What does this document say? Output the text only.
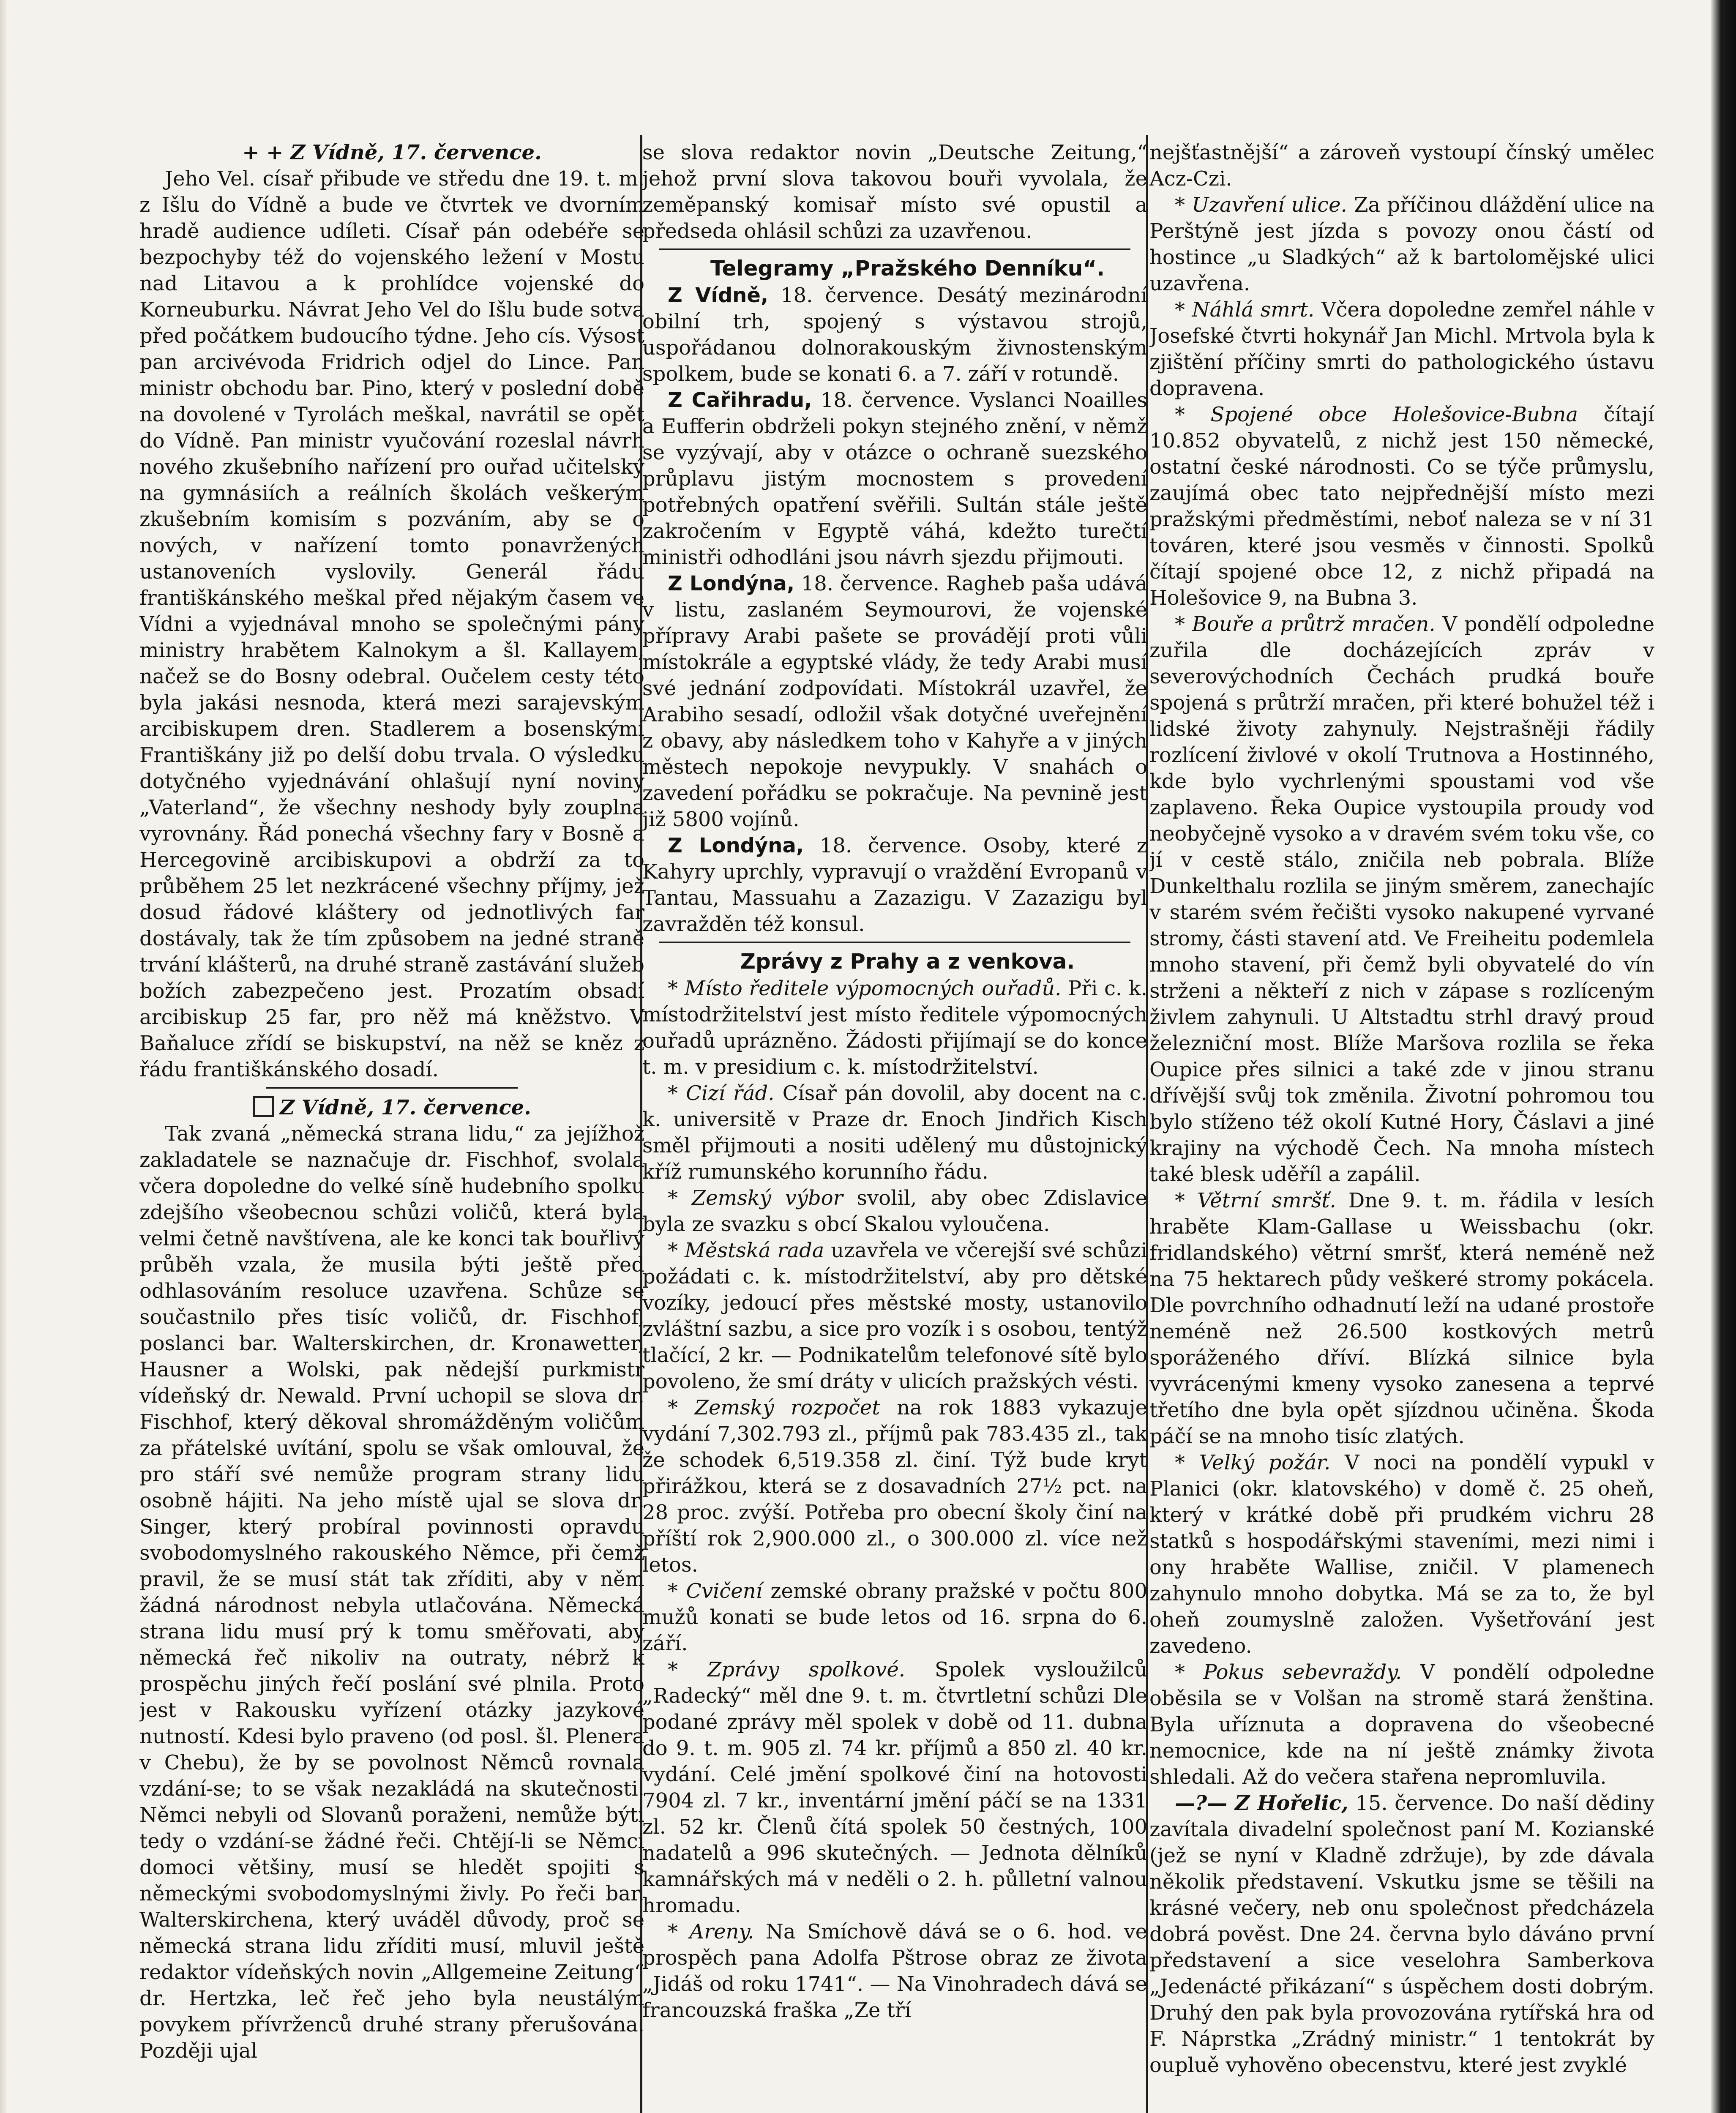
+ + Z Vídně, 17. července.

Jeho Vel. císař přibude ve středu dne 19. t. m. z Išlu do Vídně a bude ve čtvrtek ve dvorním hradě audience udíleti. Císař pán odebéře se bezpochyby též do vojenského ležení v Mostu nad Litavou a k prohlídce vojenské do Korneuburku. Návrat Jeho Vel do Išlu bude sotva před počátkem budoucího týdne. Jeho cís. Výsost pan arcivévoda Fridrich odjel do Lince. Pan ministr obchodu bar. Pino, který v poslední době na dovolené v Tyrolách meškal, navrátil se opět do Vídně. Pan ministr vyučování rozeslal návrh nového zkušebního nařízení pro ouřad učitelský na gymnásiích a reálních školách veškerým zkušebním komisím s pozváním, aby se o nových, v nařízení tomto ponavržených ustanoveních vyslovily. Generál řádu františkánského meškal před nějakým časem ve Vídni a vyjednával mnoho se společnými pány ministry hrabětem Kalnokym a šl. Kallayem, načež se do Bosny odebral. Oučelem cesty této byla jakási nesnoda, která mezi sarajevským arcibiskupem dren. Stadlerem a bosenskými Františkány již po delší dobu trvala. O výsledku dotyčného vyjednávání ohlašují nyní noviny „Vaterland“, že všechny neshody byly zouplna vyrovnány. Řád ponechá všechny fary v Bosně a Hercegovině arcibiskupovi a obdrží za to průběhem 25 let nezkrácené všechny příjmy, jež dosud řádové kláštery od jednotlivých far dostávaly, tak že tím způsobem na jedné straně trvání klášterů, na druhé straně zastávání služeb božích zabezpečeno jest. Prozatím obsadí arcibiskup 25 far, pro něž má kněžstvo. V Baňaluce zřídí se biskupství, na něž se kněz z řádu františkánského dosadí.

Z Vídně, 17. července.

Tak zvaná „německá strana lidu,“ za jejížhož zakladatele se naznačuje dr. Fischhof, svolala včera dopoledne do velké síně hudebního spolku zdejšího všeobecnou schůzi voličů, která byla velmi četně navštívena, ale ke konci tak bouřlivý průběh vzala, že musila býti ještě před odhlasováním resoluce uzavřena. Schůze se součastnilo přes tisíc voličů, dr. Fischhof, poslanci bar. Walterskirchen, dr. Kronawetter, Hausner a Wolski, pak nědejší purkmistr vídeňský dr. Newald. První uchopil se slova dr. Fischhof, který děkoval shromážděným voličům za přátelské uvítání, spolu se však omlouval, že pro stáří své nemůže program strany lidu osobně hájiti. Na jeho místě ujal se slova dr. Singer, který probíral povinnosti opravdu svobodomyslného rakouského Němce, při čemž pravil, že se musí stát tak zříditi, aby v něm žádná národnost nebyla utlačována. Německá strana lidu musí prý k tomu směřovati, aby německá řeč nikoliv na outraty, nébrž k prospěchu jiných řečí poslání své plnila. Proto jest v Rakousku vyřízení otázky jazykové nutností. Kdesi bylo praveno (od posl. šl. Plenera v Chebu), že by se povolnost Němců rovnala vzdání-se; to se však nezakládá na skutečnosti. Němci nebyli od Slovanů poraženi, nemůže býti tedy o vzdání-se žádné řeči. Chtějí-li se Němci domoci většiny, musí se hledět spojiti s německými svobodomyslnými živly. Po řeči bar. Walterskirchena, který uváděl důvody, proč se německá strana lidu zříditi musí, mluvil ještě redaktor vídeňských novin „Allgemeine Zeitung“ dr. Hertzka, leč řeč jeho byla neustálým povykem přívrženců druhé strany přerušována. Později ujal

se slova redaktor novin „Deutsche Zeitung,“ jehož první slova takovou bouři vyvolala, že zeměpanský komisař místo své opustil a předseda ohlásil schůzi za uzavřenou.

Telegramy „Pražského Denníku“.

Z Vídně, 18. července. Desátý mezinárodní obilní trh, spojený s výstavou strojů, uspořádanou dolnorakouským živnostenským spolkem, bude se konati 6. a 7. září v rotundě.

Z Cařihradu, 18. července. Vyslanci Noailles a Eufferin obdrželi pokyn stejného znění, v němž se vyzývají, aby v otázce o ochraně suezského průplavu jistým mocnostem s provedení potřebných opatření svěřili. Sultán stále ještě zakročením v Egyptě váhá, kdežto turečtí ministři odhodláni jsou návrh sjezdu přijmouti.

Z Londýna, 18. července. Ragheb paša udává v listu, zaslaném Seymourovi, že vojenské přípravy Arabi pašete se provádějí proti vůli místokrále a egyptské vlády, že tedy Arabi musí své jednání zodpovídati. Místokrál uzavřel, že Arabiho sesadí, odložil však dotyčné uveřejnění z obavy, aby následkem toho v Kahyře a v jiných městech nepokoje nevypukly. V snahách o zavedení pořádku se pokračuje. Na pevnině jest již 5800 vojínů.

Z Londýna, 18. července. Osoby, které z Kahyry uprchly, vypravují o vraždění Evropanů v Tantau, Massuahu a Zazazigu. V Zazazigu byl zavražděn též konsul.

Zprávy z Prahy a z venkova.

* Místo ředitele výpomocných ouřadů. Při c. k. místodržitelství jest místo ředitele výpomocných ouřadů uprázněno. Žádosti přijímají se do konce t. m. v presidium c. k. místodržitelství.

* Cizí řád. Císař pán dovolil, aby docent na c. k. universitě v Praze dr. Enoch Jindřich Kisch směl přijmouti a nositi udělený mu důstojnický kříž rumunského korunního řádu.

* Zemský výbor svolil, aby obec Zdislavice byla ze svazku s obcí Skalou vyloučena.

* Městská rada uzavřela ve včerejší své schůzi požádati c. k. místodržitelství, aby pro dětské vozíky, jedoucí přes městské mosty, ustanovilo zvláštní sazbu, a sice pro vozík i s osobou, tentýž tlačící, 2 kr. — Podnikatelům telefonové sítě bylo povoleno, že smí dráty v ulicích pražských vésti.

* Zemský rozpočet na rok 1883 vykazuje vydání 7,302.793 zl., příjmů pak 783.435 zl., tak že schodek 6,519.358 zl. činí. Týž bude kryt přirážkou, která se z dosavadních 27½ pct. na 28 proc. zvýší. Potřeba pro obecní školy činí na příští rok 2,900.000 zl., o 300.000 zl. více než letos.

* Cvičení zemské obrany pražské v počtu 800 mužů konati se bude letos od 16. srpna do 6. září.

* Zprávy spolkové. Spolek vysloužilců „Radecký“ měl dne 9. t. m. čtvrtletní schůzi Dle podané zprávy měl spolek v době od 11. dubna do 9. t. m. 905 zl. 74 kr. příjmů a 850 zl. 40 kr. vydání. Celé jmění spolkové činí na hotovosti 7904 zl. 7 kr., inventární jmění páčí se na 1331 zl. 52 kr. Členů čítá spolek 50 čestných, 100 nadatelů a 996 skutečných. — Jednota dělníků kamnářských má v neděli o 2. h. půlletní valnou hromadu.

* Areny. Na Smíchově dává se o 6. hod. ve prospěch pana Adolfa Pštrose obraz ze života „Jidáš od roku 1741“. — Na Vinohradech dává se francouzská fraška „Ze tří

nejšťastnější“ a zároveň vystoupí čínský umělec Acz-Czi.

* Uzavření ulice. Za příčinou dláždění ulice na Perštýně jest jízda s povozy onou částí od hostince „u Sladkých“ až k bartolomějské ulici uzavřena.

* Náhlá smrt. Včera dopoledne zemřel náhle v Josefské čtvrti hokynář Jan Michl. Mrtvola byla k zjištění příčiny smrti do pathologického ústavu dopravena.

* Spojené obce Holešovice-Bubna čítají 10.852 obyvatelů, z nichž jest 150 německé, ostatní české národnosti. Co se týče průmyslu, zaujímá obec tato nejpřednější místo mezi pražskými předměstími, neboť naleza se v ní 31 továren, které jsou vesměs v činnosti. Spolků čítají spojené obce 12, z nichž připadá na Holešovice 9, na Bubna 3.

* Bouře a průtrž mračen. V pondělí odpoledne zuřila dle docházejících zpráv v severovýchodních Čechách prudká bouře spojená s průtrží mračen, při které bohužel též i lidské životy zahynuly. Nejstrašněji řádily rozlícení živlové v okolí Trutnova a Hostinného, kde bylo vychrlenými spoustami vod vše zaplaveno. Řeka Oupice vystoupila proudy vod neobyčejně vysoko a v dravém svém toku vše, co jí v cestě stálo, zničila neb pobrala. Blíže Dunkelthalu rozlila se jiným směrem, zanechajíc v starém svém řečišti vysoko nakupené vyrvané stromy, části stavení atd. Ve Freiheitu podemlela mnoho stavení, při čemž byli obyvatelé do vín strženi a někteří z nich v zápase s rozlíceným živlem zahynuli. U Altstadtu strhl dravý proud železniční most. Blíže Maršova rozlila se řeka Oupice přes silnici a také zde v jinou stranu dřívější svůj tok změnila. Životní pohromou tou bylo stíženo též okolí Kutné Hory, Čáslavi a jiné krajiny na východě Čech. Na mnoha místech také blesk uděříl a zapálil.

* Větrní smršť. Dne 9. t. m. řádila v lesích hraběte Klam-Gallase u Weissbachu (okr. fridlandského) větrní smršť, která neméně než na 75 hektarech půdy veškeré stromy pokácela. Dle povrchního odhadnutí leží na udané prostoře neméně než 26.500 kostkových metrů sporáženého dříví. Blízká silnice byla vyvrácenými kmeny vysoko zanesena a teprvé třetího dne byla opět sjízdnou učiněna. Škoda páčí se na mnoho tisíc zlatých.

* Velký požár. V noci na pondělí vypukl v Planici (okr. klatovského) v domě č. 25 oheň, který v krátké době při prudkém vichru 28 statků s hospodářskými staveními, mezi nimi i ony hraběte Wallise, zničil. V plamenech zahynulo mnoho dobytka. Má se za to, že byl oheň zoumyslně založen. Vyšetřování jest zavedeno.

* Pokus sebevraždy. V pondělí odpoledne oběsila se v Volšan na stromě stará ženština. Byla uříznuta a dopravena do všeobecné nemocnice, kde na ní ještě známky života shledali. Až do večera stařena nepromluvila.

—?— Z Hořelic, 15. července. Do naší dědiny zavítala divadelní společnost paní M. Kozianské (jež se nyní v Kladně zdržuje), by zde dávala několik představení. Vskutku jsme se těšili na krásné večery, neb onu společnost předcházela dobrá pověst. Dne 24. června bylo dáváno první představení a sice veselohra Samberkova „Jedenácté přikázaní“ s úspěchem dosti dobrým. Druhý den pak byla provozována rytířská hra od F. Náprstka „Zrádný ministr.“ 1 tentokrát by oupluě vyhověno obecenstvu, které jest zvyklé
